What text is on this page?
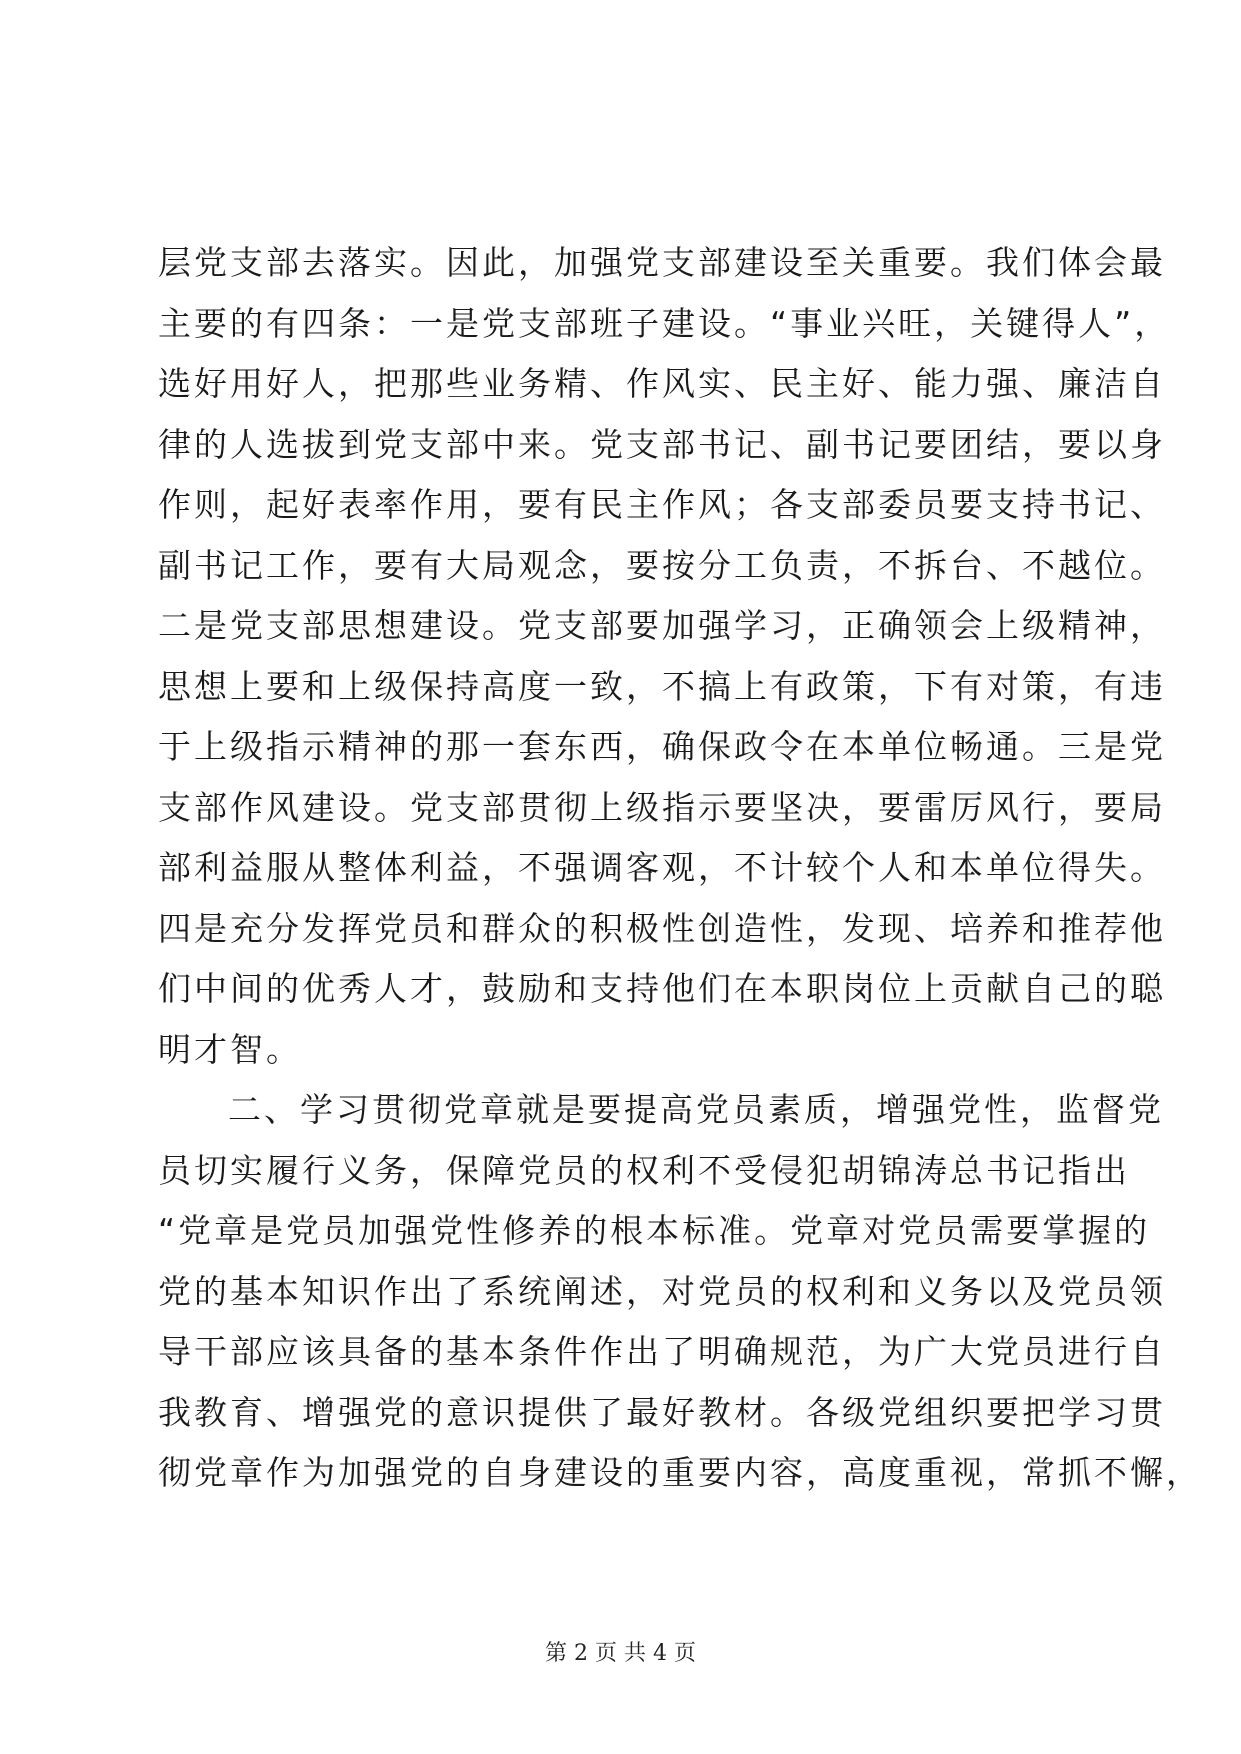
层党支部去落实。因此，加强党支部建设至关重要。我们体会最
主要的有四条：一是党支部班子建设。“事业兴旺，关键得人”，
选好用好人，把那些业务精、作风实、民主好、能力强、廉洁自
律的人选拔到党支部中来。党支部书记、副书记要团结，要以身
作则，起好表率作用，要有民主作风；各支部委员要支持书记、
副书记工作，要有大局观念，要按分工负责，不拆台、不越位。
二是党支部思想建设。党支部要加强学习，正确领会上级精神，
思想上要和上级保持高度一致，不搞上有政策，下有对策，有违
于上级指示精神的那一套东西，确保政令在本单位畅通。三是党
支部作风建设。党支部贯彻上级指示要坚决，要雷厉风行，要局
部利益服从整体利益，不强调客观，不计较个人和本单位得失。
四是充分发挥党员和群众的积极性创造性，发现、培养和推荐他
们中间的优秀人才，鼓励和支持他们在本职岗位上贡献自己的聪
明才智。
二、学习贯彻党章就是要提高党员素质，增强党性，监督党
员切实履行义务，保障党员的权利不受侵犯胡锦涛总书记指出
“党章是党员加强党性修养的根本标准。党章对党员需要掌握的
党的基本知识作出了系统阐述，对党员的权利和义务以及党员领
导干部应该具备的基本条件作出了明确规范，为广大党员进行自
我教育、增强党的意识提供了最好教材。各级党组织要把学习贯
彻党章作为加强党的自身建设的重要内容，高度重视，常抓不懈，
第 2 页 共 4 页
